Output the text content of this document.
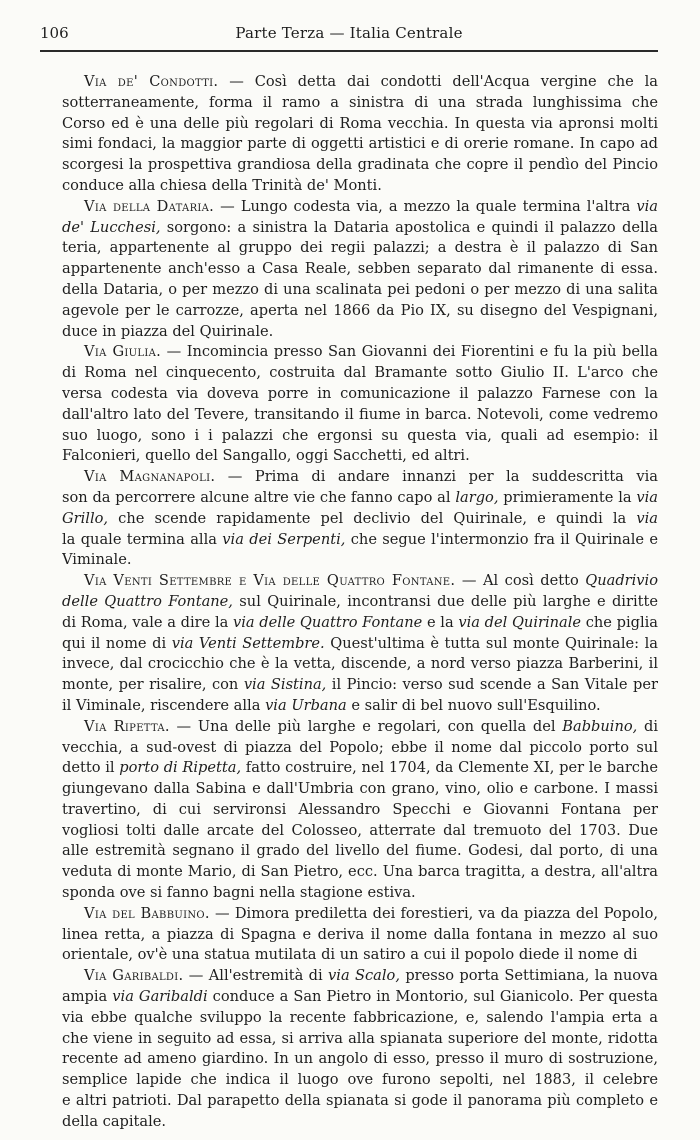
106	Parte Terza — Italia Centrale
Via de' Condotti. — Così detta dai condotti dell'Acqua vergine che la
sotterraneamente, forma il ramo a sinistra di una strada lunghissima che
Corso ed è una delle più regolari di Roma vecchia. In questa via apronsi molti
simi fondaci, la maggior parte di oggetti artistici e di orerie romane. In capo ad
scorgesi la prospettiva grandiosa della gradinata che copre il pendìo del Pincio
conduce alla chiesa della Trinità de' Monti.
Via della Dataria. — Lungo codesta via, a mezzo la quale termina l'altra via
de' Lucchesi, sorgono: a sinistra la Dataria apostolica e quindi il palazzo della
teria, appartenente al gruppo dei regii palazzi; a destra è il palazzo di San
appartenente anch'esso a Casa Reale, sebben separato dal rimanente di essa.
della Dataria, o per mezzo di una scalinata pei pedoni o per mezzo di una salita
agevole per le carrozze, aperta nel 1866 da Pio IX, su disegno del Vespignani,
duce in piazza del Quirinale.
Via Giulia. — Incomincia presso San Giovanni dei Fiorentini e fu la più bella
di Roma nel cinquecento, costruita dal Bramante sotto Giulio II. L'arco che
versa codesta via doveva porre in comunicazione il palazzo Farnese con la
dall'altro lato del Tevere, transitando il fiume in barca. Notevoli, come vedremo
suo luogo, sono i i palazzi che ergonsi su questa via, quali ad esempio: il
Falconieri, quello del Sangallo, oggi Sacchetti, ed altri.
Via Magnanapoli. — Prima di andare innanzi per la suddescritta via
son da percorrere alcune altre vie che fanno capo al largo, primieramente la via
Grillo, che scende rapidamente pel declivio del Quirinale, e quindi la via
la quale termina alla via dei Serpenti, che segue l'intermonzio fra il Quirinale e
Viminale.
Via Venti Settembre e Via delle Quattro Fontane. — Al così detto Quadrivio
delle Quattro Fontane, sul Quirinale, incontransi due delle più larghe e diritte
di Roma, vale a dire la via delle Quattro Fontane e la via del Quirinale che piglia
qui il nome di via Venti Settembre. Quest'ultima è tutta sul monte Quirinale: la
invece, dal crocicchio che è la vetta, discende, a nord verso piazza Barberini, il
monte, per risalire, con via Sistina, il Pincio: verso sud scende a San Vitale per
il Viminale, riscendere alla via Urbana e salir di bel nuovo sull'Esquilino.
Via Ripetta. — Una delle più larghe e regolari, con quella del Babbuino, di
vecchia, a sud-ovest di piazza del Popolo; ebbe il nome dal piccolo porto sul
detto il porto di Ripetta, fatto costruire, nel 1704, da Clemente XI, per le barche
giungevano dalla Sabina e dall'Umbria con grano, vino, olio e carbone. I massi
travertino, di cui servironsi Alessandro Specchi e Giovanni Fontana per
vogliosi tolti dalle arcate del Colosseo, atterrate dal tremuoto del 1703. Due
alle estremità segnano il grado del livello del fiume. Godesi, dal porto, di una
veduta di monte Mario, di San Pietro, ecc. Una barca tragitta, a destra, all'altra
sponda ove si fanno bagni nella stagione estiva.
Via del Babbuino. — Dimora prediletta dei forestieri, va da piazza del Popolo,
linea retta, a piazza di Spagna e deriva il nome dalla fontana in mezzo al suo
orientale, ov'è una statua mutilata di un satiro a cui il popolo diede il nome di
Via Garibaldi. — All'estremità di via Scalo, presso porta Settimiana, la nuova
ampia via Garibaldi conduce a San Pietro in Montorio, sul Gianicolo. Per questa
via ebbe qualche sviluppo la recente fabbricazione, e, salendo l'ampia erta a
che viene in seguito ad essa, si arriva alla spianata superiore del monte, ridotta
recente ad ameno giardino. In un angolo di esso, presso il muro di sostruzione,
semplice lapide che indica il luogo ove furono sepolti, nel 1883, il celebre
e altri patrioti. Dal parapetto della spianata si gode il panorama più completo e
della capitale.
